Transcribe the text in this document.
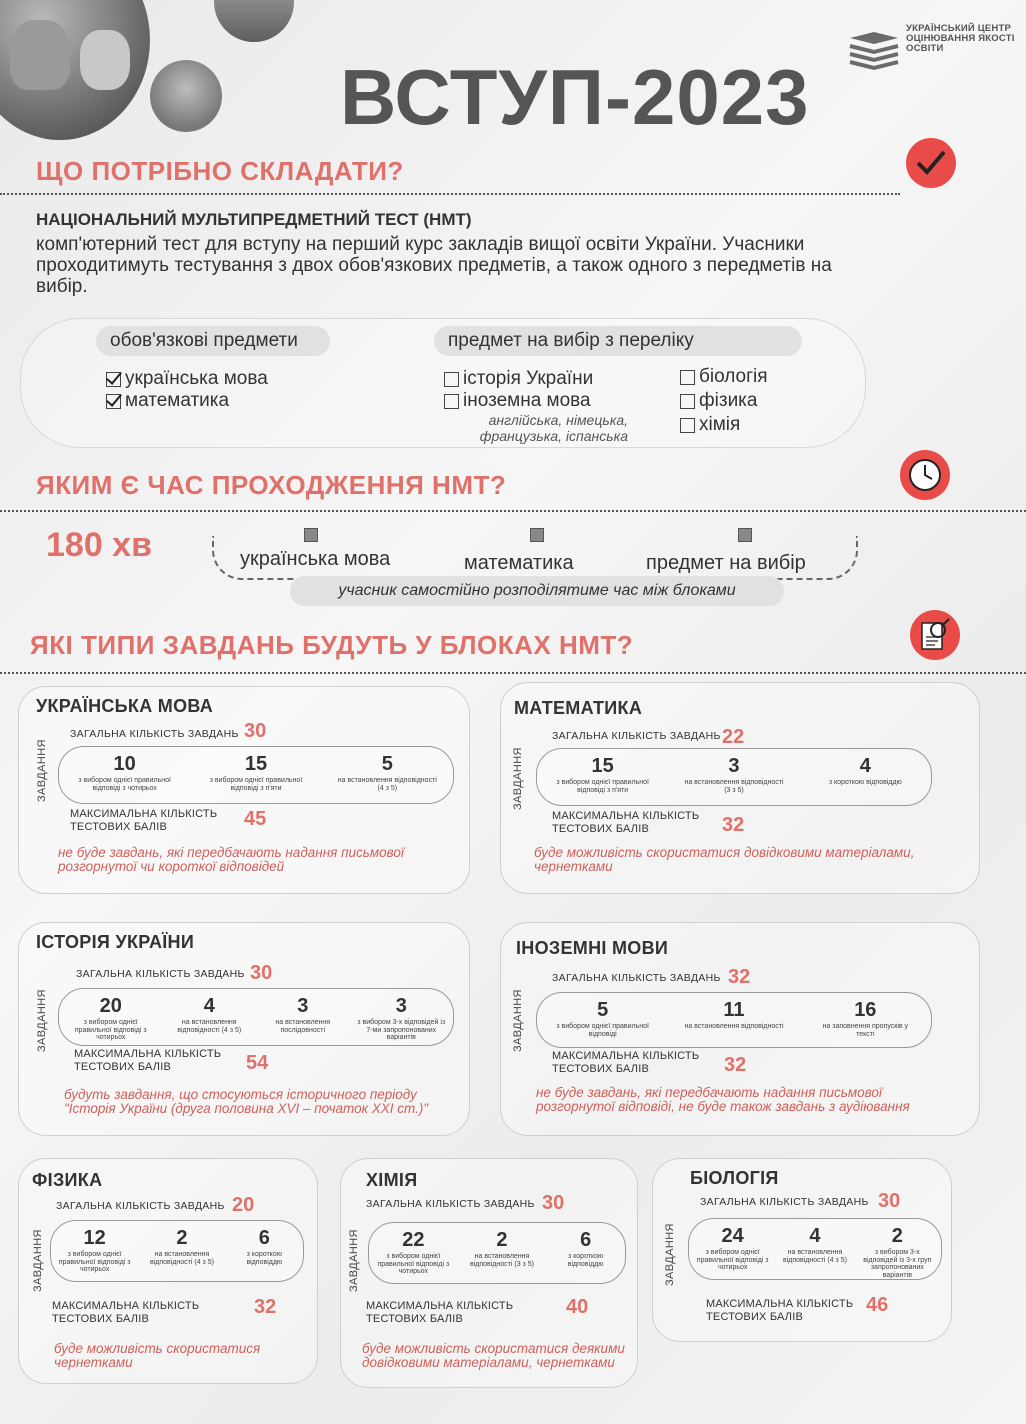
УКРАЇНСЬКИЙ ЦЕНТР ОЦІНЮВАННЯ ЯКОСТІ ОСВІТИ
ВСТУП-2023
ЩО ПОТРІБНО СКЛАДАТИ?
НАЦІОНАЛЬНИЙ МУЛЬТИПРЕДМЕТНИЙ ТЕСТ (НМТ)
комп'ютерний тест для вступу на перший курс закладів вищої освіти України. Учасники проходитимуть тестування з двох обов'язкових предметів, а також одного з передметів на вибір.
обов'язкові предмети	предмет на вибір з переліку
українська мова
математика
історія України
іноземна мова
англійська, німецька,
французька, іспанська
біологія
фізика
хімія
ЯКИМ Є ЧАС ПРОХОДЖЕННЯ НМТ?
180 хв	українська мова	математика	предмет на вибір
учасник самостійно розподілятиме час між блоками
ЯКІ ТИПИ ЗАВДАНЬ БУДУТЬ У БЛОКАХ НМТ?
УКРАЇНСЬКА МОВА
ЗАГАЛЬНА КІЛЬКІСТЬ ЗАВДАНЬ 30
ЗАВДАННЯ	10
з вибором однієї правильної відповіді з чотирьох
15
з вибором однієї правильної відповіді з п'яти
5
на встановлення відповідності (4 з 5)
МАКСИМАЛЬНА КІЛЬКІСТЬ
ТЕСТОВИХ БАЛІВ	45
не буде завдань, які передбачають надання письмової розгорнутої чи короткої відповідей
МАТЕМАТИКА
ЗАГАЛЬНА КІЛЬКІСТЬ ЗАВДАНЬ 22
ЗАВДАННЯ	15
з вибором однієї правильної відповіді з п'яти
3
на встановлення відповідності (3 з 5)
4
з короткою відповіддю
МАКСИМАЛЬНА КІЛЬКІСТЬ
ТЕСТОВИХ БАЛІВ	32
буде можливість скористатися довідковими матеріалами, чернетками
ІСТОРІЯ УКРАЇНИ
ЗАГАЛЬНА КІЛЬКІСТЬ ЗАВДАНЬ 30
ЗАВДАННЯ	20
з вибором однієї правильної відповіді з чотирьох
4
на встановлення відповідності (4 з 5)
3
на встановлення послідовності
3
з вибором 3-х відповідей із 7-ми запропонованих варіантів
МАКСИМАЛЬНА КІЛЬКІСТЬ
ТЕСТОВИХ БАЛІВ	54
будуть завдання, що стосуються історичного періоду "Історія України (друга половина XVI – початок XXI ст.)"
ІНОЗЕМНІ МОВИ
ЗАГАЛЬНА КІЛЬКІСТЬ ЗАВДАНЬ 32
ЗАВДАННЯ	5
з вибором однієї правильної відповіді
11
на встановлення відповідності
16
на заповнення пропусків у тексті
МАКСИМАЛЬНА КІЛЬКІСТЬ
ТЕСТОВИХ БАЛІВ	32
не буде завдань, які передбачають надання письмової розгорнутої відповіді, не буде також завдань з аудіювання
ФІЗИКА
ЗАГАЛЬНА КІЛЬКІСТЬ ЗАВДАНЬ 20
ЗАВДАННЯ	12
з вибором однієї правильної відповіді з чотирьох
2
на встановлення відповідності (4 з 5)
6
з короткою відповіддю
МАКСИМАЛЬНА КІЛЬКІСТЬ
ТЕСТОВИХ БАЛІВ
32
буде можливість скористатися чернетками
ХІМІЯ
ЗАГАЛЬНА КІЛЬКІСТЬ ЗАВДАНЬ 30
ЗАВДАННЯ	22
з вибором однієї правильної відповіді з чотирьох
2
на встановлення відповідності (3 з 5)
6
з короткою відповіддю
МАКСИМАЛЬНА КІЛЬКІСТЬ
ТЕСТОВИХ БАЛІВ
40
буде можливість скористатися деякими довідковими матеріалами, чернетками
БІОЛОГІЯ
ЗАГАЛЬНА КІЛЬКІСТЬ ЗАВДАНЬ 30
ЗАВДАННЯ	24
з вибором однієї правильної відповіді з чотирьох
4
на встановлення відповідності (4 з 5)
2
з вибором 3-х відповідей із 3-х груп запропонованих варіантів
МАКСИМАЛЬНА КІЛЬКІСТЬ
ТЕСТОВИХ БАЛІВ
46
